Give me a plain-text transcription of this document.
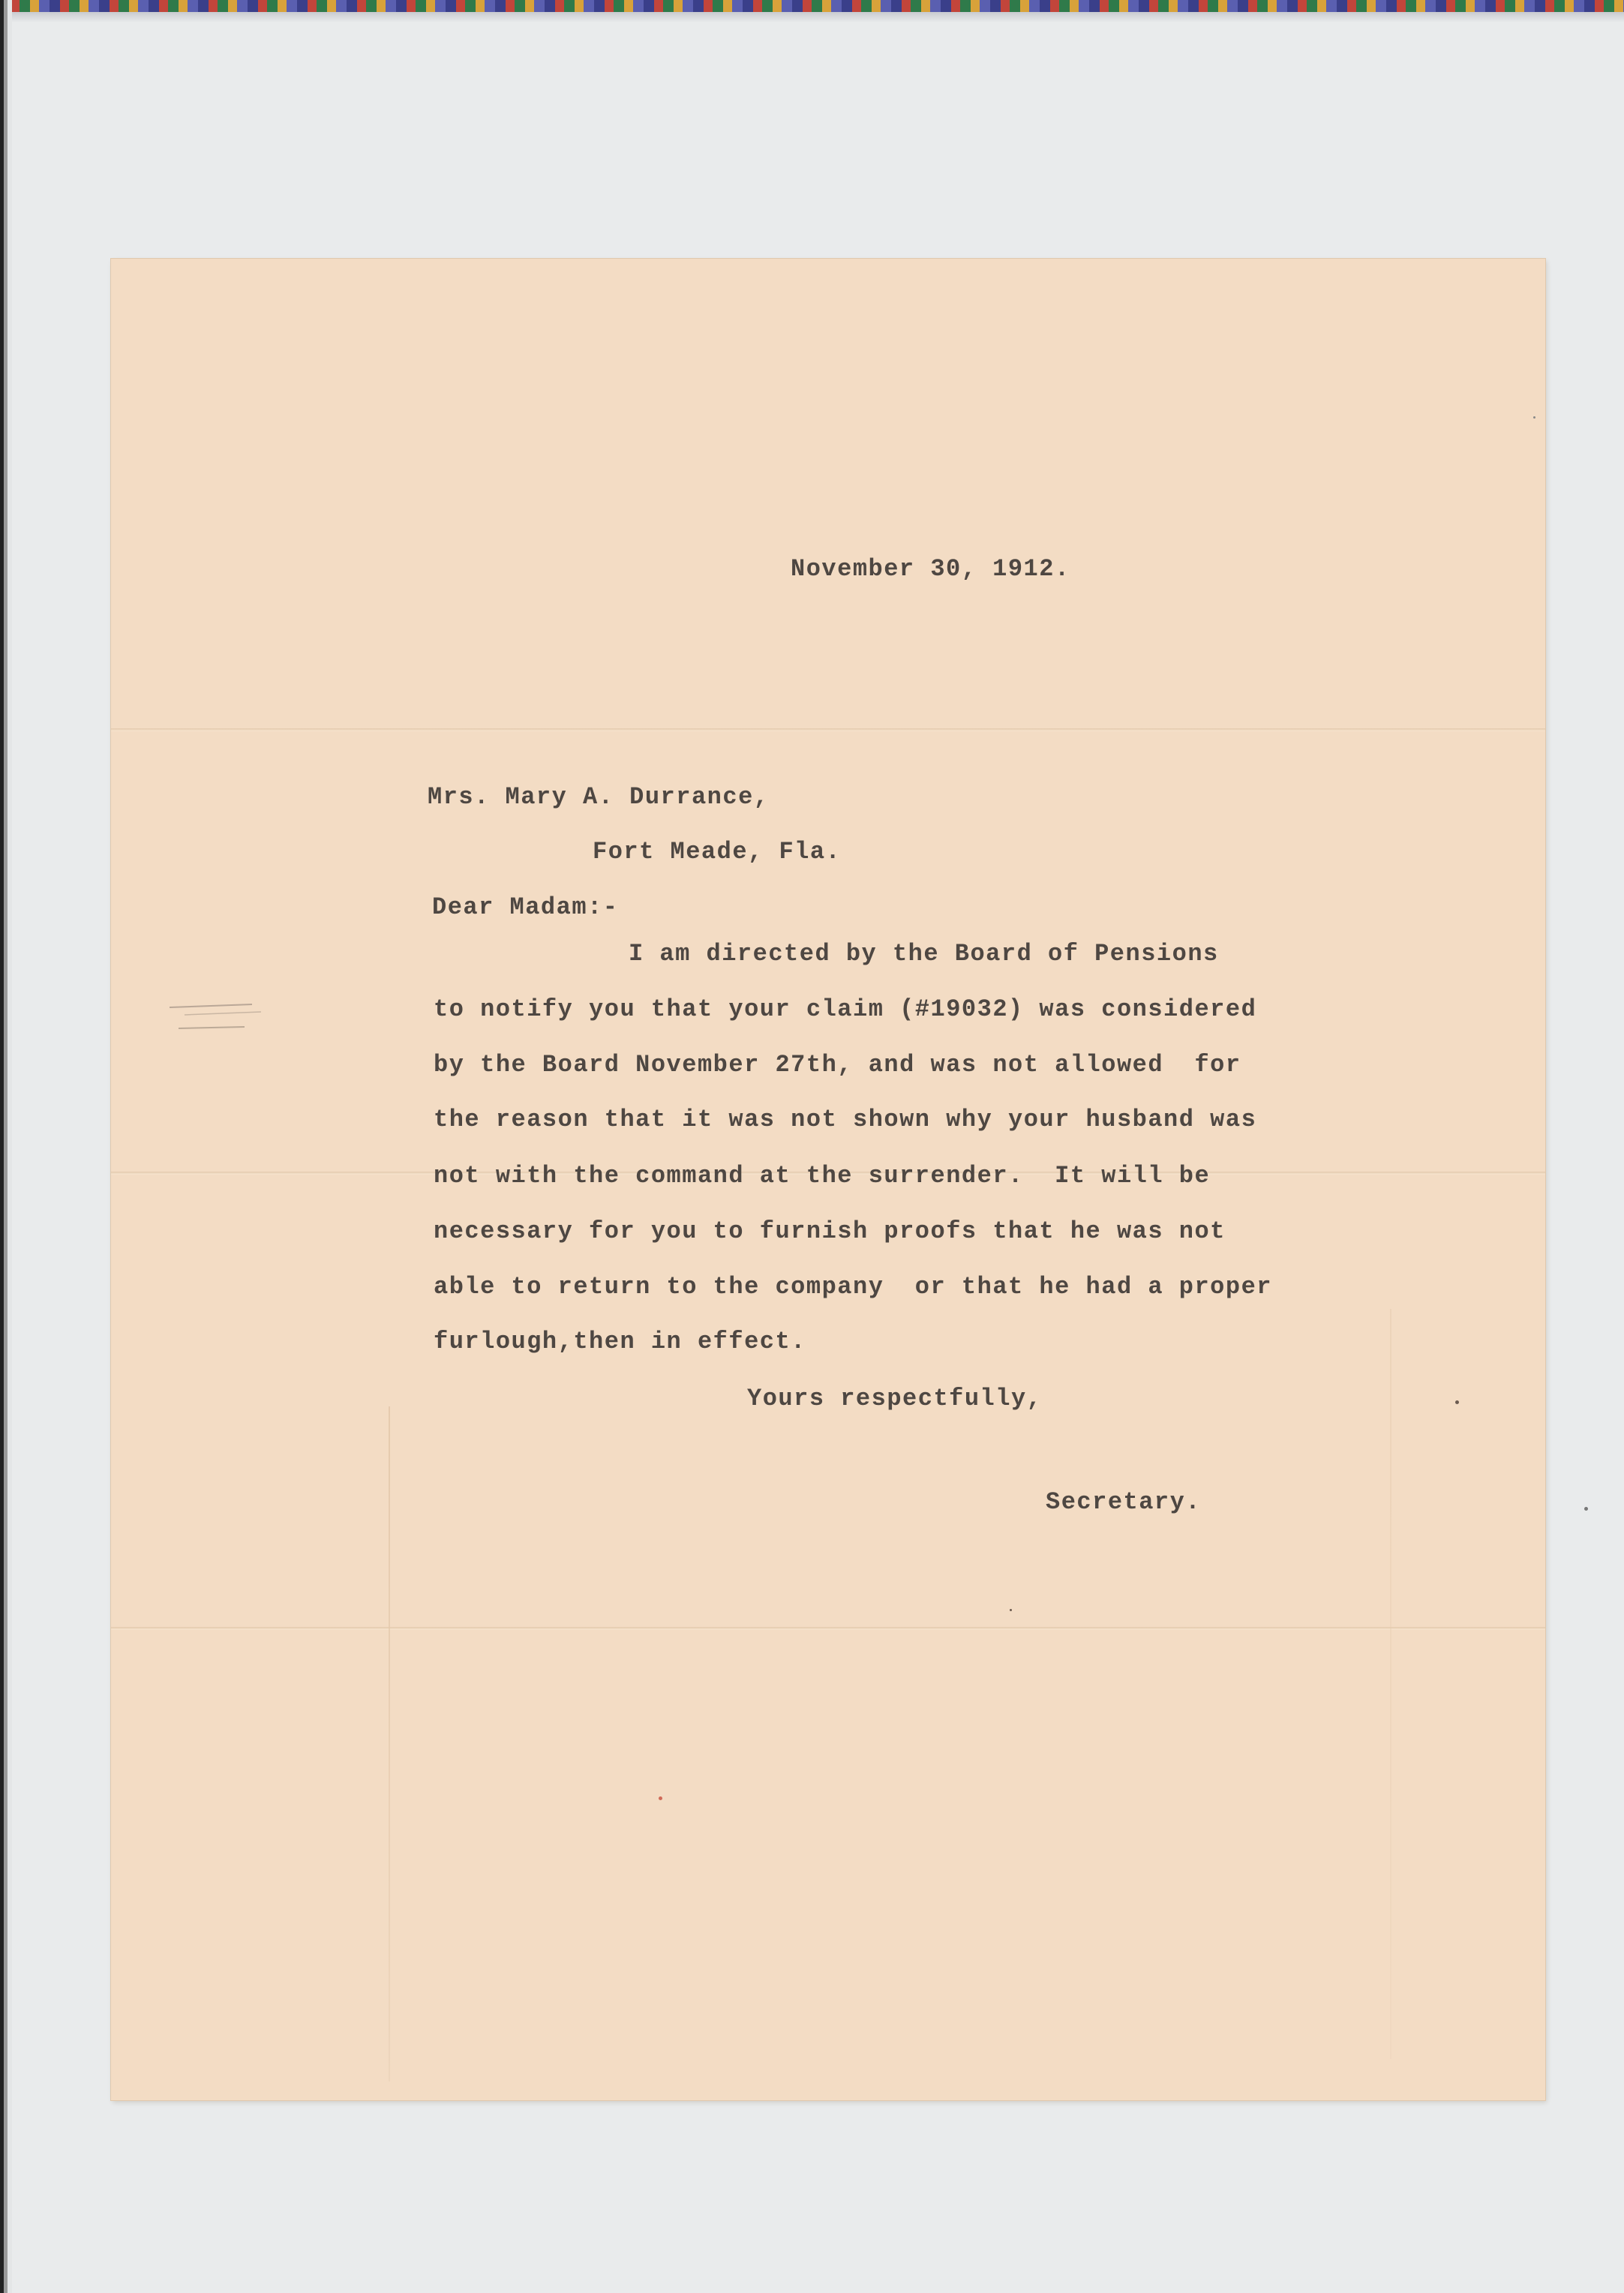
November 30, 1912.

Mrs. Mary A. Durrance,

Fort Meade, Fla.

Dear Madam:-

I am directed by the Board of Pensions

to notify you that your claim (#19032) was considered

by the Board November 27th, and was not allowed  for

the reason that it was not shown why your husband was

not with the command at the surrender.  It will be

necessary for you to furnish proofs that he was not

able to return to the company  or that he had a proper

furlough,then in effect.

Yours respectfully,

Secretary.
